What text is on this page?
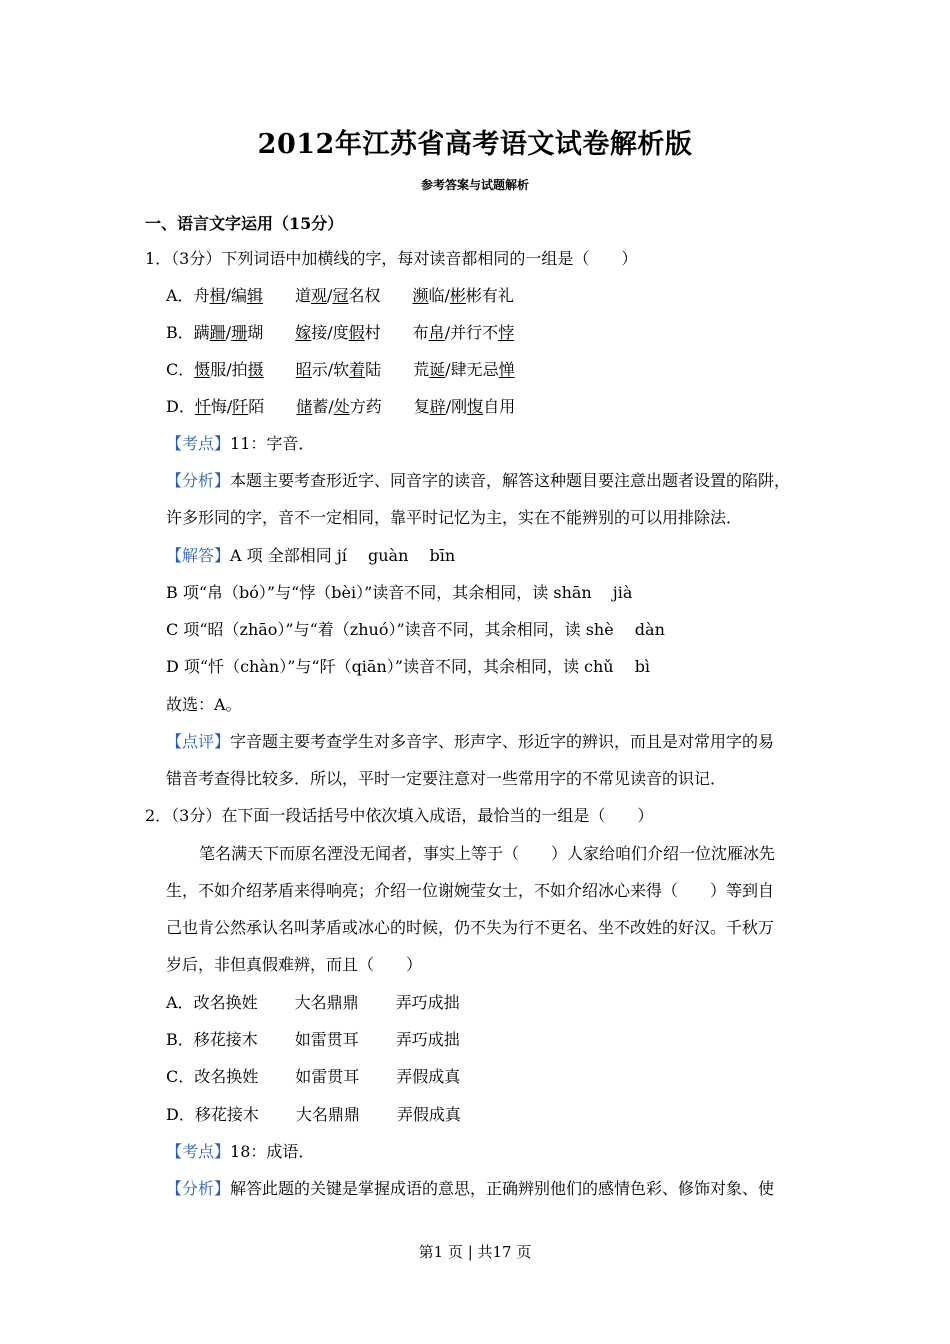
2012年江苏省高考语文试卷解析版
参考答案与试题解析
一、语言文字运用（15分）
1．（3分）下列词语中加横线的字，每对读音都相同的一组是（　　）
A．舟楫/编辑　　道观/冠名权　　濒临/彬彬有礼
B．蹒跚/珊瑚　　嫁接/度假村　　布帛/并行不悖
C．慑服/拍摄　　 昭示/软着陆　　荒诞/肆无忌惮
D．忏悔/阡陌　　储蓄/处方药　　复辟/刚愎自用
【考点】11：字音．
【分析】本题主要考查形近字、同音字的读音，解答这种题目要注意出题者设置的陷阱，
许多形同的字，音不一定相同，靠平时记忆为主，实在不能辨别的可以用排除法．
【解答】A 项 全部相同 jí　 guàn　 bīn
B 项“帛（bó）”与“悖（bèi）”读音不同，其余相同，读 shān　 jià
C 项“昭（zhāo）”与“着（zhuó）”读音不同，其余相同，读 shè　 dàn
D 项“忏（chàn）”与“阡（qiān）”读音不同，其余相同，读 chǔ　 bì
故选：A。
【点评】字音题主要考查学生对多音字、形声字、形近字的辨识，而且是对常用字的易
错音考查得比较多．所以，平时一定要注意对一些常用字的不常见读音的识记．
2．（3分）在下面一段话括号中依次填入成语，最恰当的一组是（　　）
笔名满天下而原名湮没无闻者，事实上等于（　　）人家给咱们介绍一位沈雁冰先
生，不如介绍茅盾来得响亮；介绍一位谢婉莹女士，不如介绍冰心来得（　　）等到自
己也肯公然承认名叫茅盾或冰心的时候，仍不失为行不更名、坐不改姓的好汉。千秋万
岁后，非但真假难辨，而且（　　）
A．改名换姓 大名鼎鼎 弄巧成拙
B．移花接木 如雷贯耳 弄巧成拙
C．改名换姓 如雷贯耳 弄假成真
D．移花接木 大名鼎鼎 弄假成真
【考点】18：成语．
【分析】解答此题的关键是掌握成语的意思，正确辨别他们的感情色彩、修饰对象、使
第1 页 | 共17 页
